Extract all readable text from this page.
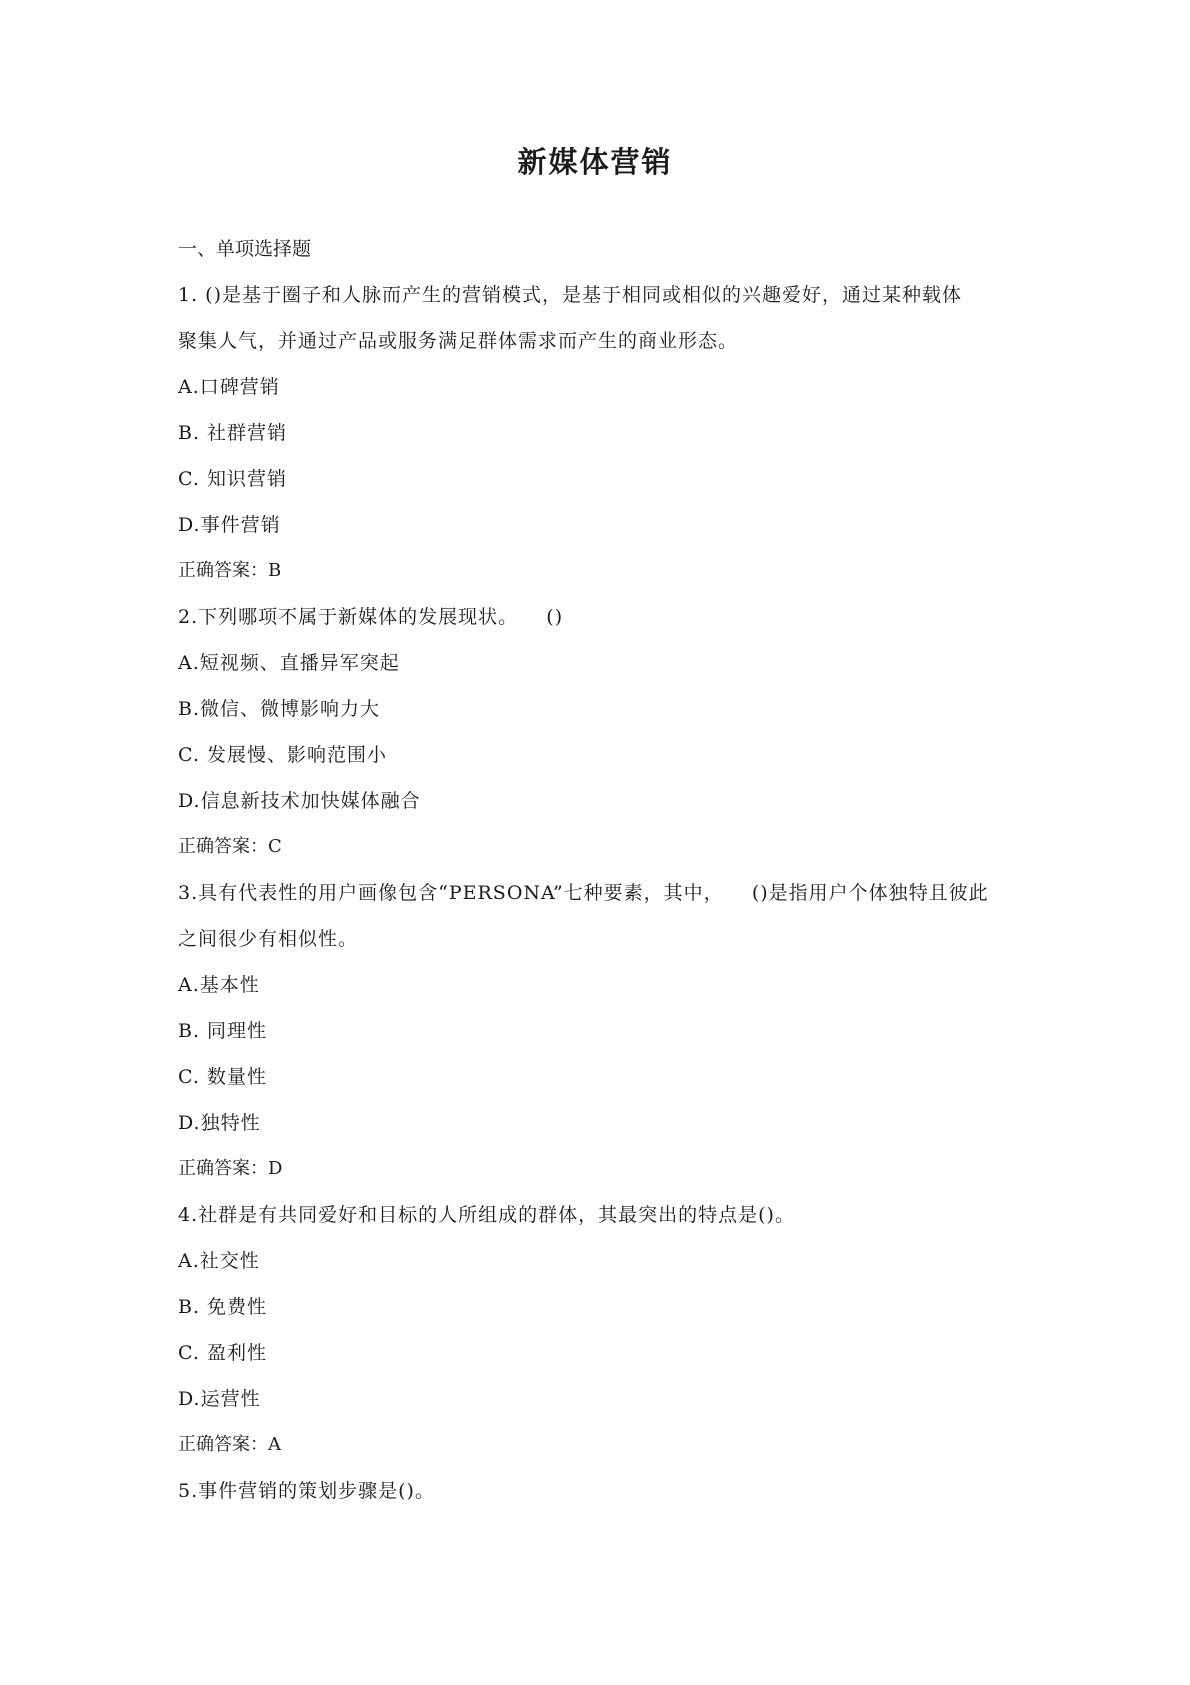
新媒体营销
一、单项选择题
1. ()是基于圈子和人脉而产生的营销模式，是基于相同或相似的兴趣爱好，通过某种载体
聚集人气，并通过产品或服务满足群体需求而产生的商业形态。
A.口碑营销
B. 社群营销
C. 知识营销
D.事件营销
正确答案：B
2.下列哪项不属于新媒体的发展现状。    ()
A.短视频、直播异军突起
B.微信、微博影响力大
C. 发展慢、影响范围小
D.信息新技术加快媒体融合
正确答案：C
3.具有代表性的用户画像包含“PERSONA”七种要素，其中，    ()是指用户个体独特且彼此
之间很少有相似性。
A.基本性
B. 同理性
C. 数量性
D.独特性
正确答案：D
4.社群是有共同爱好和目标的人所组成的群体，其最突出的特点是()。
A.社交性
B. 免费性
C. 盈利性
D.运营性
正确答案：A
5.事件营销的策划步骤是()。
